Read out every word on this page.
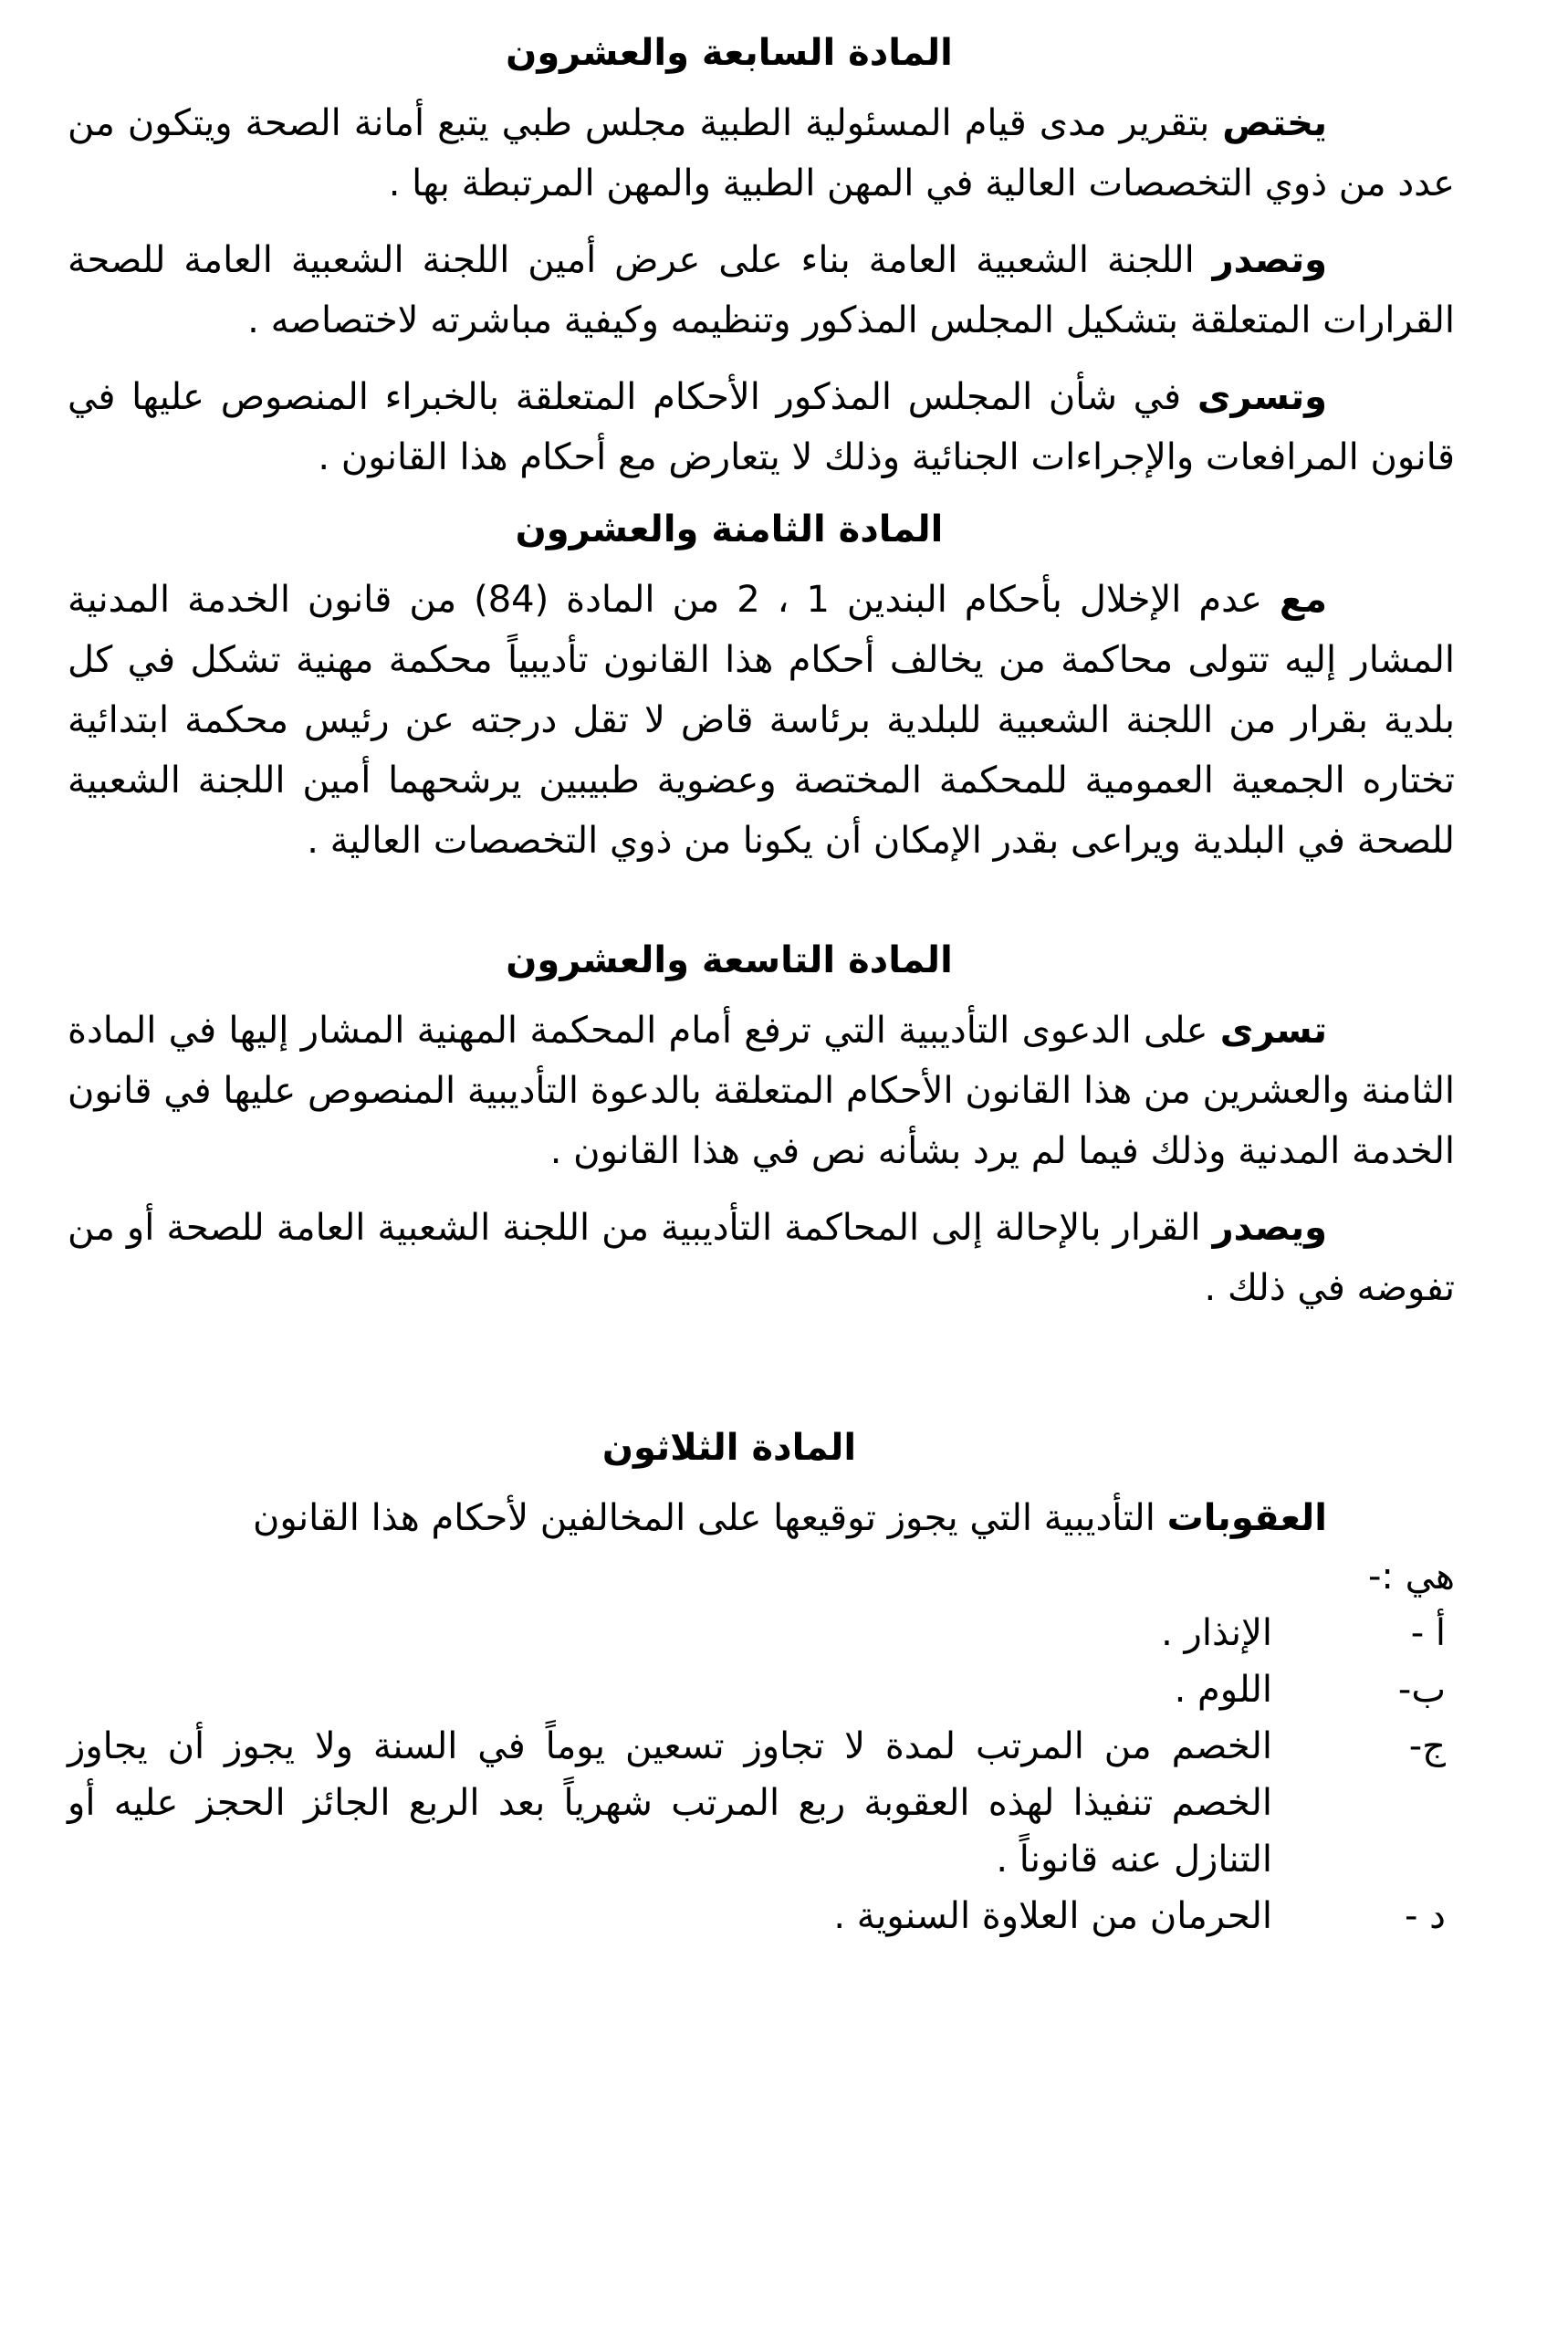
المادة السابعة والعشرون

يختص بتقرير مدى قيام المسئولية الطبية مجلس طبي يتبع أمانة الصحة ويتكون من عدد من ذوي التخصصات العالية في المهن الطبية والمهن المرتبطة بها .

وتصدر اللجنة الشعبية العامة بناء على عرض أمين اللجنة الشعبية العامة للصحة القرارات المتعلقة بتشكيل المجلس المذكور وتنظيمه وكيفية مباشرته لاختصاصه .

وتسرى في شأن المجلس المذكور الأحكام المتعلقة بالخبراء المنصوص عليها في قانون المرافعات والإجراءات الجنائية وذلك لا يتعارض مع أحكام هذا القانون .

المادة الثامنة والعشرون

مع عدم الإخلال بأحكام البندين 1 ، 2 من المادة (84) من قانون الخدمة المدنية المشار إليه تتولى محاكمة من يخالف أحكام هذا القانون تأديبياً محكمة مهنية تشكل في كل بلدية بقرار من اللجنة الشعبية للبلدية برئاسة قاض لا تقل درجته عن رئيس محكمة ابتدائية تختاره الجمعية العمومية للمحكمة المختصة وعضوية طبيبين يرشحهما أمين اللجنة الشعبية للصحة في البلدية ويراعى بقدر الإمكان أن يكونا من ذوي التخصصات العالية .

المادة التاسعة والعشرون

تسرى على الدعوى التأديبية التي ترفع أمام المحكمة المهنية المشار إليها في المادة الثامنة والعشرين من هذا القانون الأحكام المتعلقة بالدعوة التأديبية المنصوص عليها في قانون الخدمة المدنية وذلك فيما لم يرد بشأنه نص في هذا القانون .

ويصدر القرار بالإحالة إلى المحاكمة التأديبية من اللجنة الشعبية العامة للصحة أو من تفوضه في ذلك .

المادة الثلاثون

العقوبات التأديبية التي يجوز توقيعها على المخالفين لأحكام هذا القانون

هي :-

أ -
الإنذار .
ب-
اللوم .
ج-
الخصم من المرتب لمدة لا تجاوز تسعين يوماً في السنة ولا يجوز أن يجاوز الخصم تنفيذا لهذه العقوبة ربع المرتب شهرياً بعد الربع الجائز الحجز عليه أو التنازل عنه قانوناً .
د -
الحرمان من العلاوة السنوية .
